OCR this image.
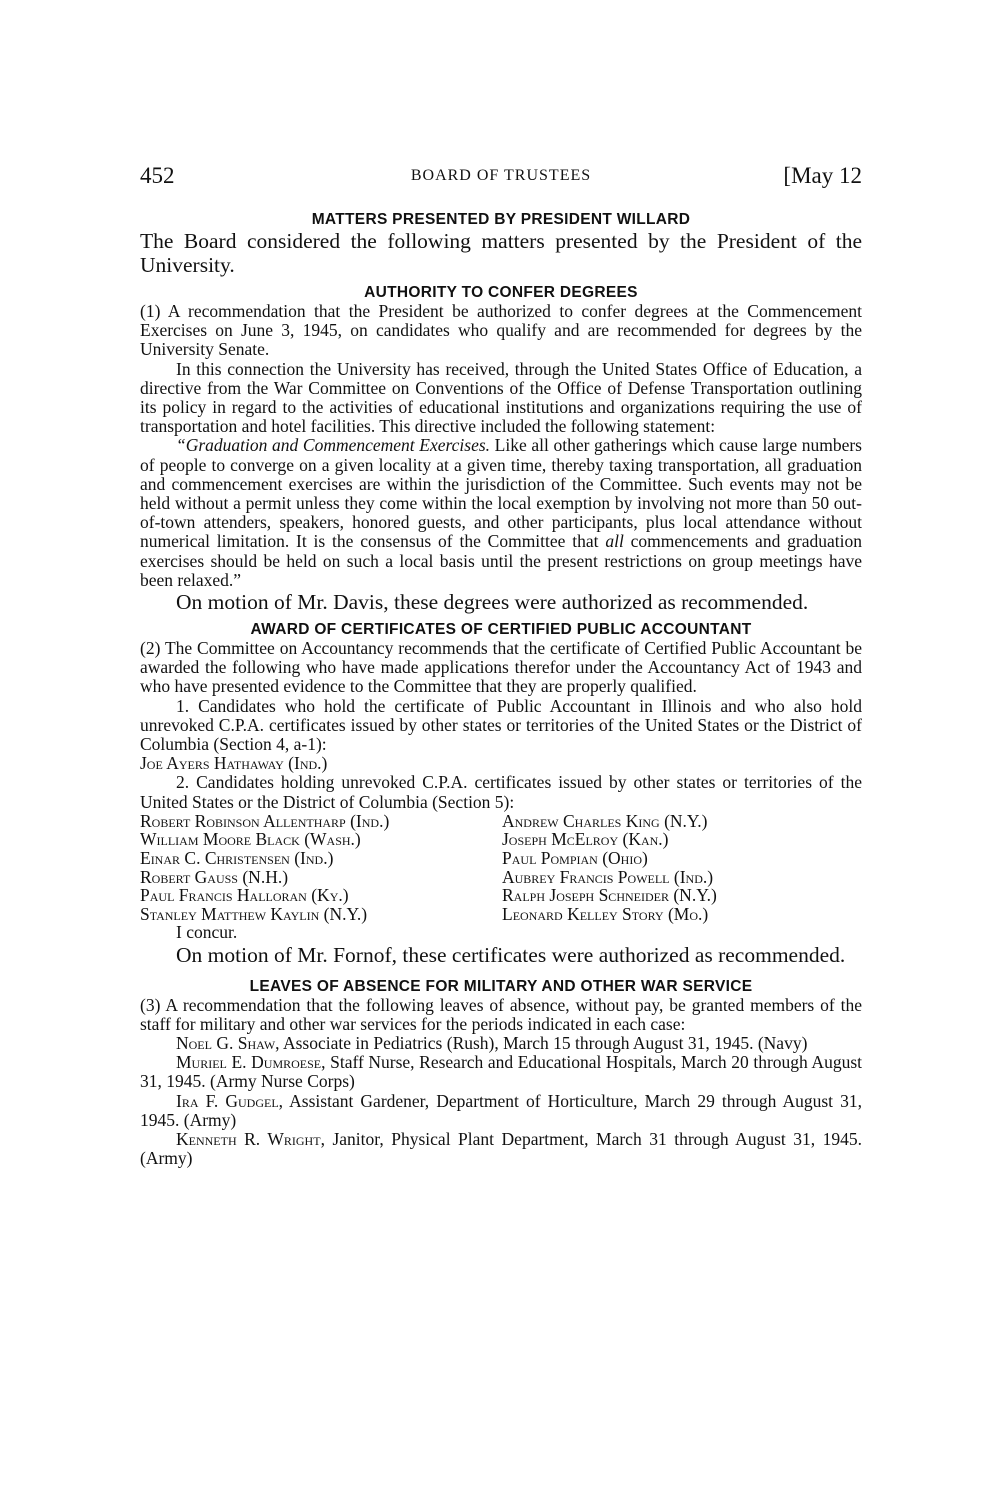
452	BOARD OF TRUSTEES	[May 12

MATTERS PRESENTED BY PRESIDENT WILLARD

The Board considered the following matters presented by the President of the University.

AUTHORITY TO CONFER DEGREES

(1) A recommendation that the President be authorized to confer degrees at the Commencement Exercises on June 3, 1945, on candidates who qualify and are recommended for degrees by the University Senate.

In this connection the University has received, through the United States Office of Education, a directive from the War Committee on Conventions of the Office of Defense Transportation outlining its policy in regard to the activities of educational institutions and organizations requiring the use of transportation and hotel facilities. This directive included the following statement:

“Graduation and Commencement Exercises. Like all other gatherings which cause large numbers of people to converge on a given locality at a given time, thereby taxing transportation, all graduation and commencement exercises are within the jurisdiction of the Committee. Such events may not be held without a permit unless they come within the local exemption by involving not more than 50 out-of-town attenders, speakers, honored guests, and other participants, plus local attendance without numerical limitation. It is the consensus of the Committee that all commencements and graduation exercises should be held on such a local basis until the present restrictions on group meetings have been relaxed.”

On motion of Mr. Davis, these degrees were authorized as recommended.

AWARD OF CERTIFICATES OF CERTIFIED PUBLIC ACCOUNTANT

(2) The Committee on Accountancy recommends that the certificate of Certified Public Accountant be awarded the following who have made applications therefor under the Accountancy Act of 1943 and who have presented evidence to the Committee that they are properly qualified.

1. Candidates who hold the certificate of Public Accountant in Illinois and who also hold unrevoked C.P.A. certificates issued by other states or territories of the United States or the District of Columbia (Section 4, a-1):

Joe Ayers Hathaway (Ind.)

2. Candidates holding unrevoked C.P.A. certificates issued by other states or territories of the United States or the District of Columbia (Section 5):

Robert Robinson Allentharp (Ind.)	Andrew Charles King (N.Y.)
William Moore Black (Wash.)	Joseph McElroy (Kan.)
Einar C. Christensen (Ind.)	Paul Pompian (Ohio)
Robert Gauss (N.H.)	Aubrey Francis Powell (Ind.)
Paul Francis Halloran (Ky.)	Ralph Joseph Schneider (N.Y.)
Stanley Matthew Kaylin (N.Y.)	Leonard Kelley Story (Mo.)

I concur.

On motion of Mr. Fornof, these certificates were authorized as recommended.

LEAVES OF ABSENCE FOR MILITARY AND OTHER WAR SERVICE

(3) A recommendation that the following leaves of absence, without pay, be granted members of the staff for military and other war services for the periods indicated in each case:

Noel G. Shaw, Associate in Pediatrics (Rush), March 15 through August 31, 1945. (Navy)

Muriel E. Dumroese, Staff Nurse, Research and Educational Hospitals, March 20 through August 31, 1945. (Army Nurse Corps)

Ira F. Gudgel, Assistant Gardener, Department of Horticulture, March 29 through August 31, 1945. (Army)

Kenneth R. Wright, Janitor, Physical Plant Department, March 31 through August 31, 1945. (Army)
